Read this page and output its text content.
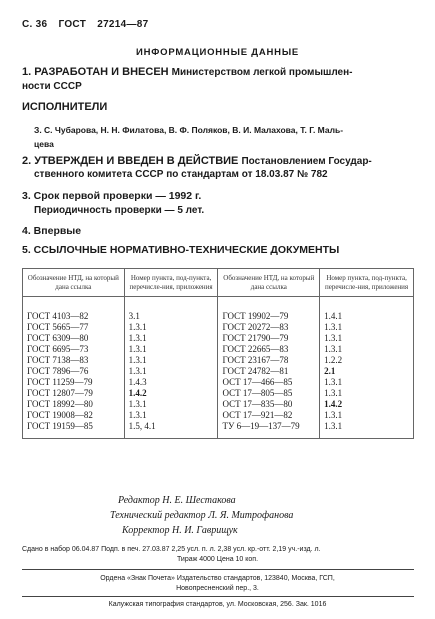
С. 36 ГОСТ 27214—87
ИНФОРМАЦИОННЫЕ ДАННЫЕ
1. РАЗРАБОТАН И ВНЕСЕН Министерством легкой промышлен-
ности СССР
ИСПОЛНИТЕЛИ
З. С. Чубарова, Н. Н. Филатова, В. Ф. Поляков, В. И. Малахова, Т. Г. Маль-
цева
2. УТВЕРЖДЕН И ВВЕДЕН В ДЕЙСТВИЕ Постановлением Государ-
ственного комитета СССР по стандартам от 18.03.87 № 782
3. Срок первой проверки — 1992 г.
Периодичность проверки — 5 лет.
4. Впервые
5. ССЫЛОЧНЫЕ НОРМАТИВНО-ТЕХНИЧЕСКИЕ ДОКУМЕНТЫ
Обозначение НТД, на который дана ссылка	Номер пункта, под-пункта, перечисле-ния, приложения	Обозначение НТД, на который дана ссылка	Номер пункта, под-пункта, перечисле-ния, приложения
ГОСТ 4103—82	3.1	ГОСТ 19902—79	1.4.1
ГОСТ 5665—77	1.3.1	ГОСТ 20272—83	1.3.1
ГОСТ 6309—80	1.3.1	ГОСТ 21790—79	1.3.1
ГОСТ 6695—73	1.3.1	ГОСТ 22665—83	1.3.1
ГОСТ 7138—83	1.3.1	ГОСТ 23167—78	1.2.2
ГОСТ 7896—76	1.3.1	ГОСТ 24782—81	2.1
ГОСТ 11259—79	1.4.3	ОСТ 17—466—85	1.3.1
ГОСТ 12807—79	1.4.2	ОСТ 17—805—85	1.3.1
ГОСТ 18992—80	1.3.1	ОСТ 17—835—80	1.4.2
ГОСТ 19008—82	1.3.1	ОСТ 17—921—82	1.3.1
ГОСТ 19159—85	1.5, 4.1	ТУ 6—19—137—79	1.3.1
Редактор Н. Е. Шестакова
Технический редактор Л. Я. Митрофанова
Корректор Н. И. Гаврищук
Сдано в набор 06.04.87 Подп. в печ. 27.03.87 2,25 усл. п. л. 2,38 усл. кр.-отт. 2,19 уч.-изд. л.
Тираж 4000 Цена 10 коп.
Ордена «Знак Почета» Издательство стандартов, 123840, Москва, ГСП,
Новопресненский пер., 3.
Калужская типография стандартов, ул. Московская, 256. Зак. 1016
